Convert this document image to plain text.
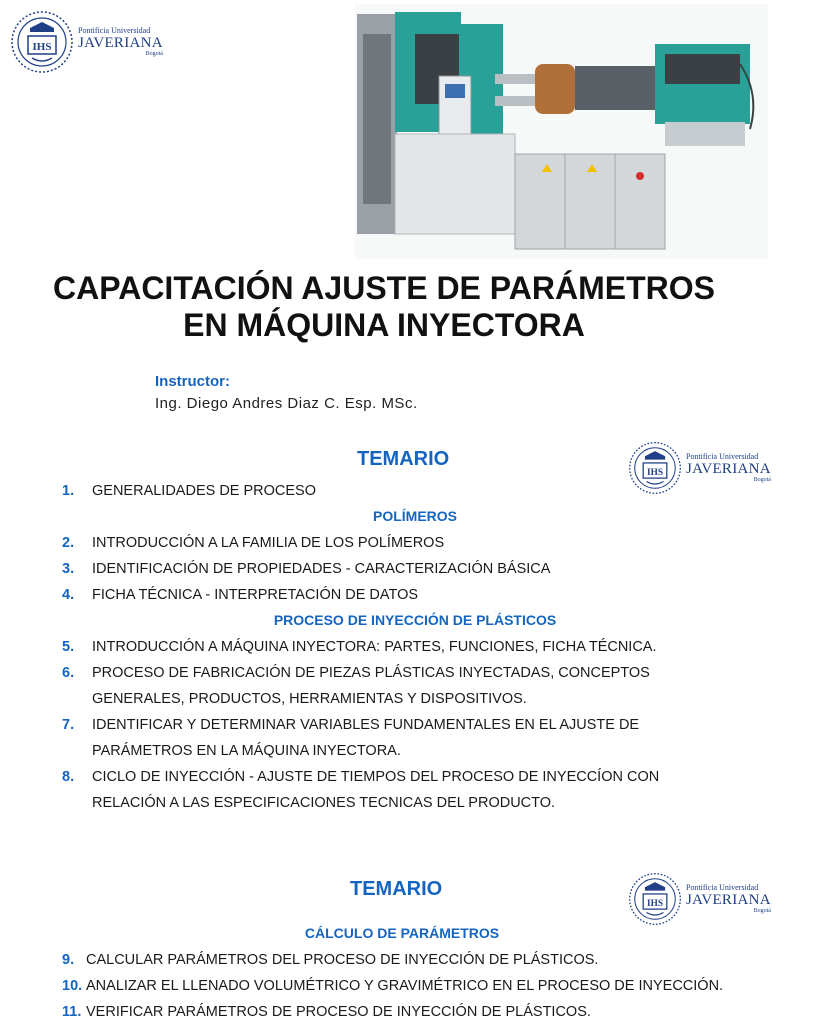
IHS
Pontificia Universidad
JAVERIANA
Bogotá
IHS
Pontificia Universidad
JAVERIANA
Bogotá
IHS
Pontificia Universidad
JAVERIANA
Bogotá
CAPACITACIÓN AJUSTE DE PARÁMETROS
EN MÁQUINA INYECTORA
Instructor:
Ing. Diego Andres Diaz C. Esp. MSc.
TEMARIO
1. GENERALIDADES DE PROCESO
POLÍMEROS
2. INTRODUCCIÓN A LA FAMILIA DE LOS POLÍMEROS
3. IDENTIFICACIÓN DE PROPIEDADES - CARACTERIZACIÓN BÁSICA
4. FICHA TÉCNICA - INTERPRETACIÓN DE DATOS
PROCESO DE INYECCIÓN DE PLÁSTICOS
5. INTRODUCCIÓN A MÁQUINA INYECTORA: PARTES, FUNCIONES, FICHA TÉCNICA.
6. PROCESO DE FABRICACIÓN DE PIEZAS PLÁSTICAS INYECTADAS, CONCEPTOS
GENERALES, PRODUCTOS, HERRAMIENTAS Y DISPOSITIVOS.
7. IDENTIFICAR Y DETERMINAR VARIABLES FUNDAMENTALES EN EL AJUSTE DE
PARÁMETROS EN LA MÁQUINA INYECTORA.
8. CICLO DE INYECCIÓN - AJUSTE DE TIEMPOS DEL PROCESO DE INYECCÍON CON
RELACIÓN A LAS ESPECIFICACIONES TECNICAS DEL PRODUCTO.
TEMARIO
CÁLCULO DE PARÁMETROS
9. CALCULAR PARÁMETROS DEL PROCESO DE INYECCIÓN DE PLÁSTICOS.
10. ANALIZAR EL LLENADO VOLUMÉTRICO Y GRAVIMÉTRICO EN EL PROCESO DE INYECCIÓN.
11. VERIFICAR PARÁMETROS DE PROCESO DE INYECCIÓN DE PLÁSTICOS.
